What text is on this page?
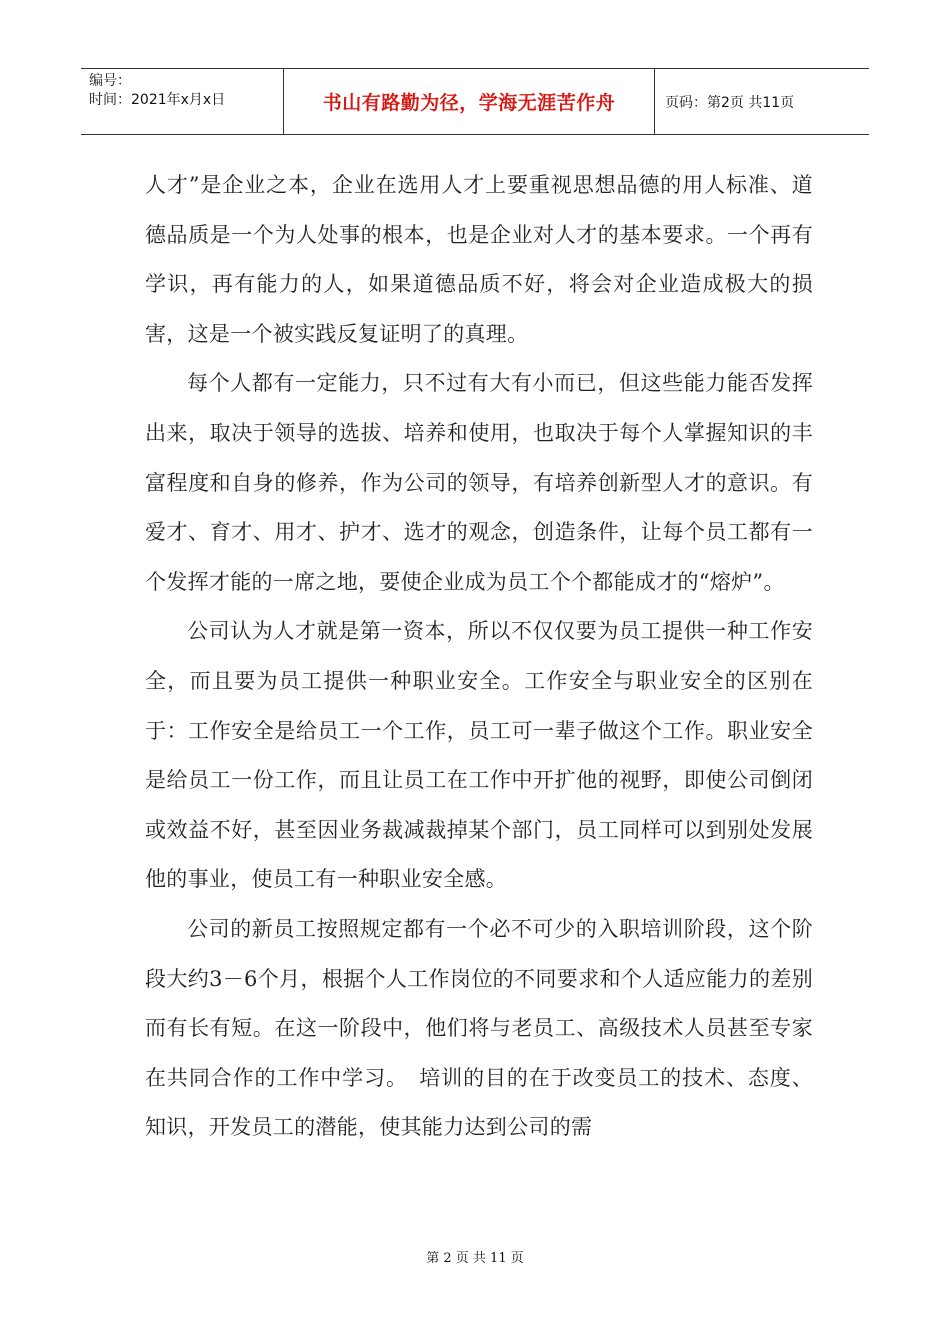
编号：
时间：2021年x月x日	书山有路勤为径，学海无涯苦作舟	页码：第2页 共11页

人才”是企业之本，企业在选用人才上要重视思想品德的用人标准、道德品质是一个为人处事的根本，也是企业对人才的基本要求。一个再有学识，再有能力的人，如果道德品质不好，将会对企业造成极大的损害，这是一个被实践反复证明了的真理。

每个人都有一定能力，只不过有大有小而已，但这些能力能否发挥出来，取决于领导的选拔、培养和使用，也取决于每个人掌握知识的丰富程度和自身的修养，作为公司的领导，有培养创新型人才的意识。有爱才、育才、用才、护才、选才的观念，创造条件，让每个员工都有一个发挥才能的一席之地，要使企业成为员工个个都能成才的“熔炉”。

公司认为人才就是第一资本，所以不仅仅要为员工提供一种工作安全，而且要为员工提供一种职业安全。工作安全与职业安全的区别在于：工作安全是给员工一个工作，员工可一辈子做这个工作。职业安全是给员工一份工作，而且让员工在工作中开扩他的视野，即使公司倒闭或效益不好，甚至因业务裁减裁掉某个部门，员工同样可以到别处发展他的事业，使员工有一种职业安全感。

公司的新员工按照规定都有一个必不可少的入职培训阶段，这个阶段大约3－6个月，根据个人工作岗位的不同要求和个人适应能力的差别而有长有短。在这一阶段中，他们将与老员工、高级技术人员甚至专家在共同合作的工作中学习。　培训的目的在于改变员工的技术、态度、知识，开发员工的潜能，使其能力达到公司的需

第 2 页 共 11 页
